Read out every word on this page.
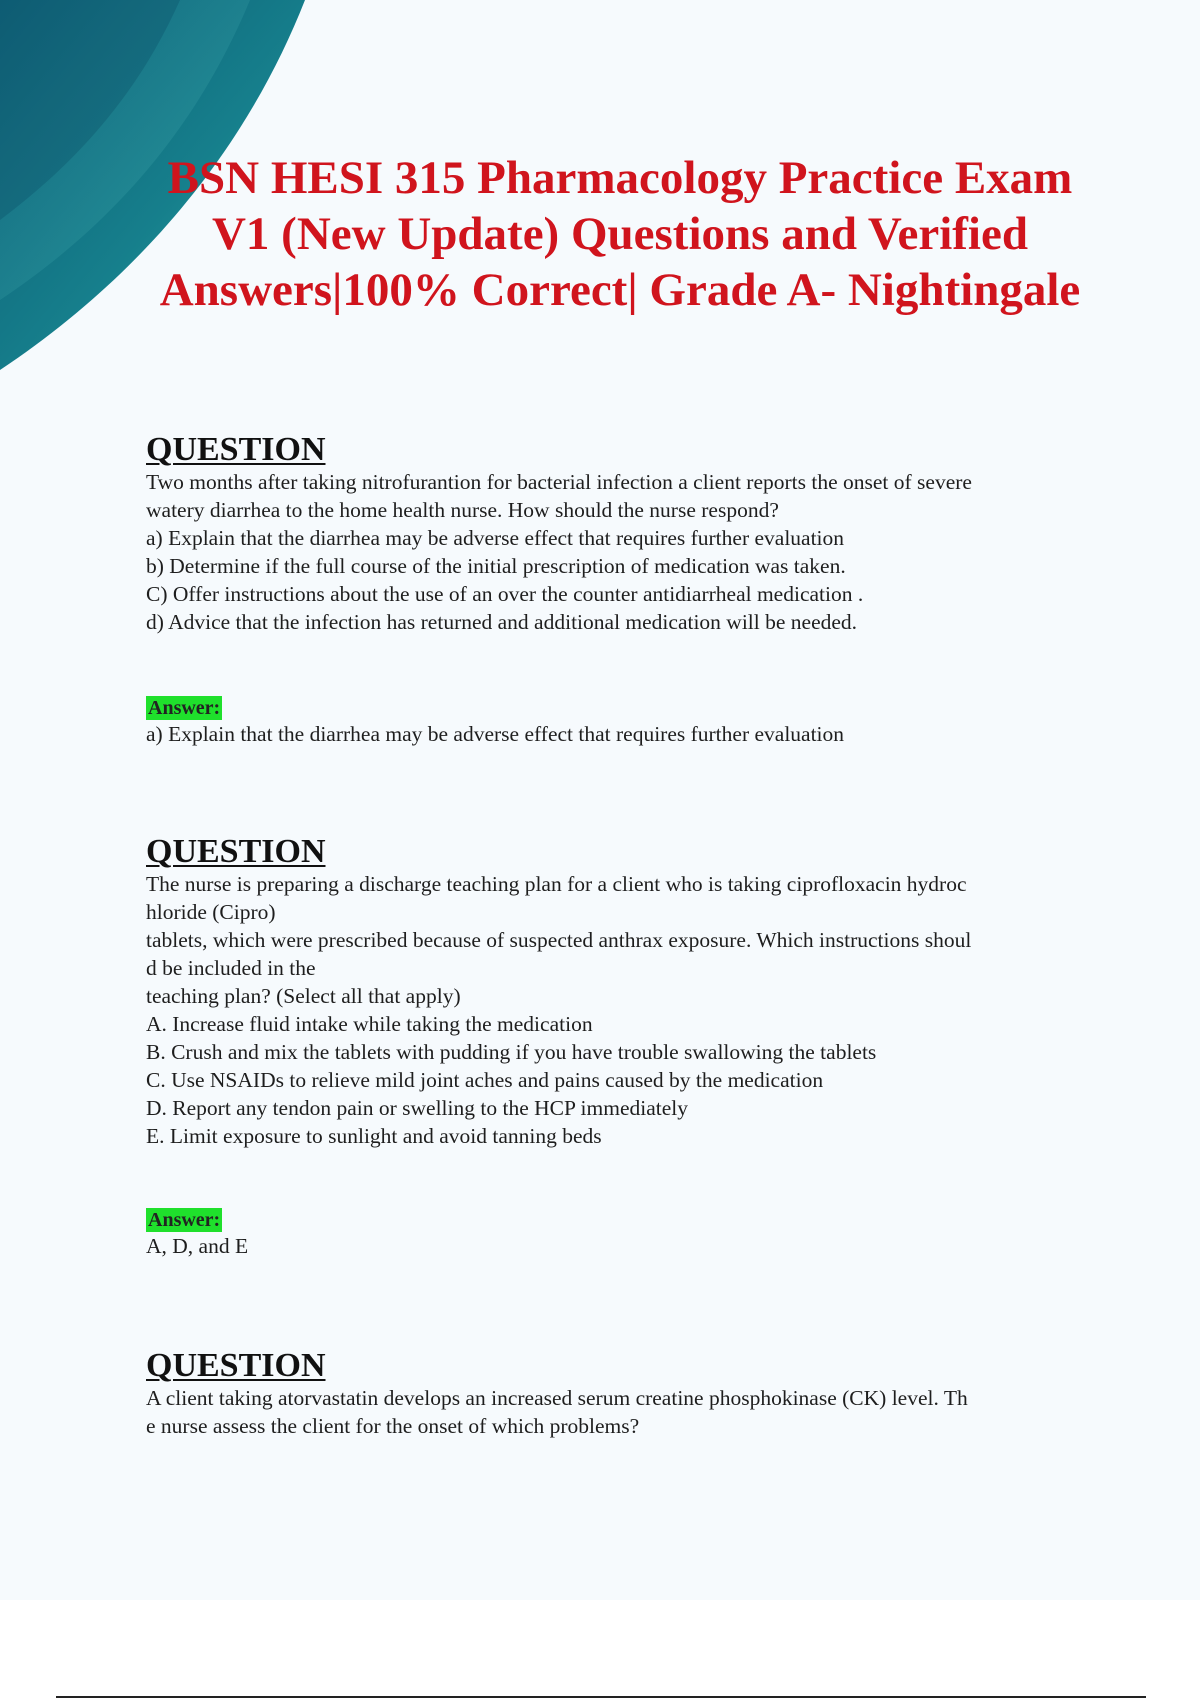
BSN HESI 315 Pharmacology Practice Exam V1 (New Update) Questions and Verified Answers|100% Correct| Grade A- Nightingale
QUESTION

Two months after taking nitrofurantion for bacterial infection a client reports the onset of severe
watery diarrhea to the home health nurse. How should the nurse respond?

a) Explain that the diarrhea may be adverse effect that requires further evaluation
b) Determine if the full course of the initial prescription of medication was taken.
C) Offer instructions about the use of an over the counter antidiarrheal medication .
d) Advice that the infection has returned and additional medication will be needed.
Answer:

a) Explain that the diarrhea may be adverse effect that requires further evaluation

QUESTION

The nurse is preparing a discharge teaching plan for a client who is taking ciprofloxacin hydroc
hloride (Cipro)
tablets, which were prescribed because of suspected anthrax exposure. Which instructions shoul
d be included in the
teaching plan? (Select all that apply)

A. Increase fluid intake while taking the medication
B. Crush and mix the tablets with pudding if you have trouble swallowing the tablets
C. Use NSAIDs to relieve mild joint aches and pains caused by the medication
D. Report any tendon pain or swelling to the HCP immediately
E. Limit exposure to sunlight and avoid tanning beds
Answer:

A, D, and E

QUESTION

A client taking atorvastatin develops an increased serum creatine phosphokinase (CK) level. Th
e nurse assess the client for the onset of which problems?
